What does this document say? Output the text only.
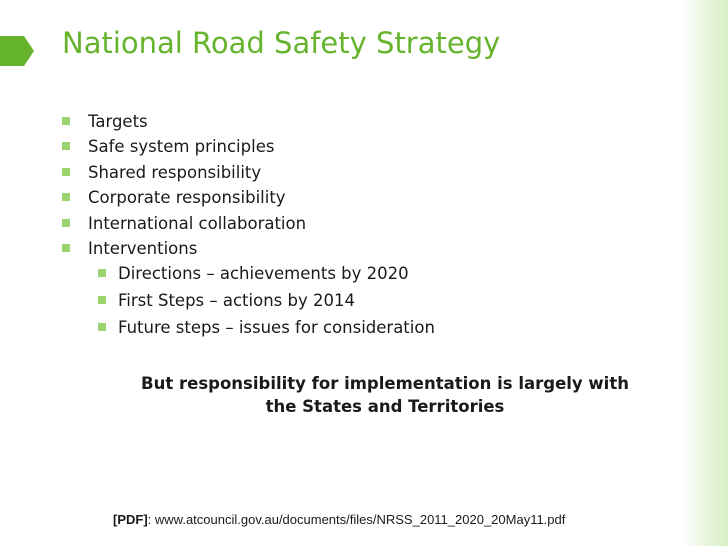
National Road Safety Strategy
Targets
Safe system principles
Shared responsibility
Corporate responsibility
International collaboration
Interventions
Directions – achievements by 2020
First Steps – actions by 2014
Future steps – issues for consideration

But responsibility for implementation is largely with
the States and Territories

[PDF]: www.atcouncil.gov.au/documents/files/NRSS_2011_2020_20May11.pdf
